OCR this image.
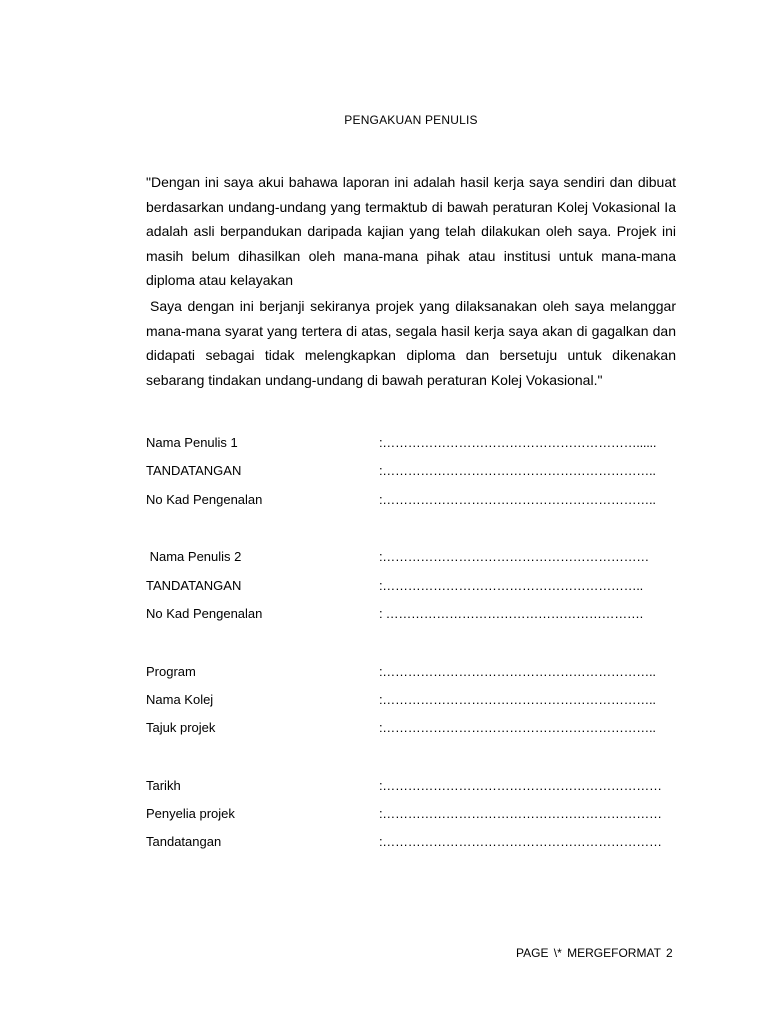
PENGAKUAN PENULIS

"Dengan ini saya akui bahawa laporan ini adalah hasil kerja saya sendiri dan dibuat berdasarkan undang-undang yang termaktub di bawah peraturan Kolej Vokasional Ia adalah asli berpandukan daripada kajian yang telah dilakukan oleh saya. Projek ini masih belum dihasilkan oleh mana-mana pihak atau institusi untuk mana-mana diploma atau kelayakan

Saya dengan ini berjanji sekiranya projek yang dilaksanakan oleh saya melanggar mana-mana syarat yang tertera di atas, segala hasil kerja saya akan di gagalkan dan didapati sebagai tidak melengkapkan diploma dan bersetuju untuk dikenakan sebarang tindakan undang-undang di bawah peraturan Kolej Vokasional."

Nama Penulis 1	:……………………………………………………......
TANDATANGAN	:………………………………………………………..
No Kad Pengenalan	:………………………………………………………..
Nama Penulis 2	:………………………………………………………
TANDATANGAN	:……………………………………………………..
No Kad Pengenalan	: …………………………………………………….
Program	:………………………………………………………..
Nama Kolej	:………………………………………………………..
Tajuk projek	:………………………………………………………..
Tarikh	:…………………………………………………………
Penyelia projek	:…………………………………………………………
Tandatangan	:…………………………………………………………
PAGE \* MERGEFORMAT 2
